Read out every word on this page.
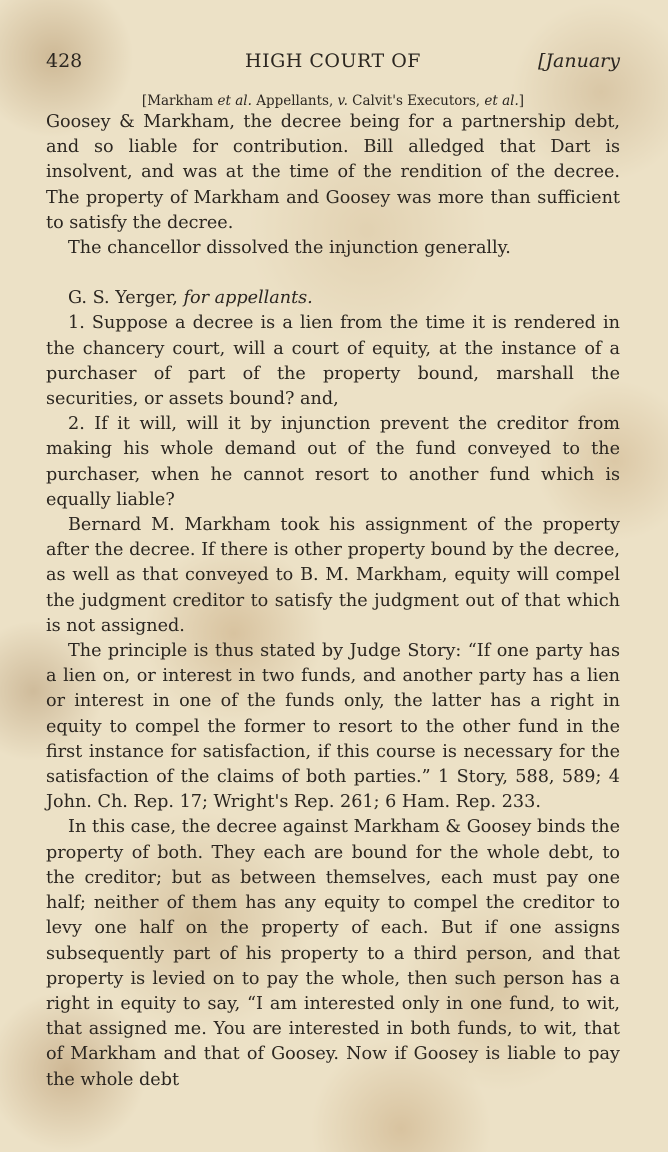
428	HIGH COURT OF	[January
[Markham et al. Appellants, v. Calvit's Executors, et al.]

Goosey & Markham, the decree being for a partnership debt, and so liable for contribution. Bill alledged that Dart is insolvent, and was at the time of the rendition of the decree. The property of Markham and Goosey was more than sufficient to satisfy the decree.

The chancellor dissolved the injunction generally.

G. S. Yerger, for appellants.

1. Suppose a decree is a lien from the time it is rendered in the chancery court, will a court of equity, at the instance of a purchaser of part of the property bound, marshall the securities, or assets bound? and,

2. If it will, will it by injunction prevent the creditor from making his whole demand out of the fund conveyed to the purchaser, when he cannot resort to another fund which is equally liable?

Bernard M. Markham took his assignment of the property after the decree. If there is other property bound by the decree, as well as that conveyed to B. M. Markham, equity will compel the judgment creditor to satisfy the judgment out of that which is not assigned.

The principle is thus stated by Judge Story: “If one party has a lien on, or interest in two funds, and another party has a lien or interest in one of the funds only, the latter has a right in equity to compel the former to resort to the other fund in the first instance for satisfaction, if this course is necessary for the satisfaction of the claims of both parties.” 1 Story, 588, 589; 4 John. Ch. Rep. 17; Wright's Rep. 261; 6 Ham. Rep. 233.

In this case, the decree against Markham & Goosey binds the property of both. They each are bound for the whole debt, to the creditor; but as between themselves, each must pay one half; neither of them has any equity to compel the creditor to levy one half on the property of each. But if one assigns subsequently part of his property to a third person, and that property is levied on to pay the whole, then such person has a right in equity to say, “I am interested only in one fund, to wit, that assigned me. You are interested in both funds, to wit, that of Markham and that of Goosey. Now if Goosey is liable to pay the whole debt
